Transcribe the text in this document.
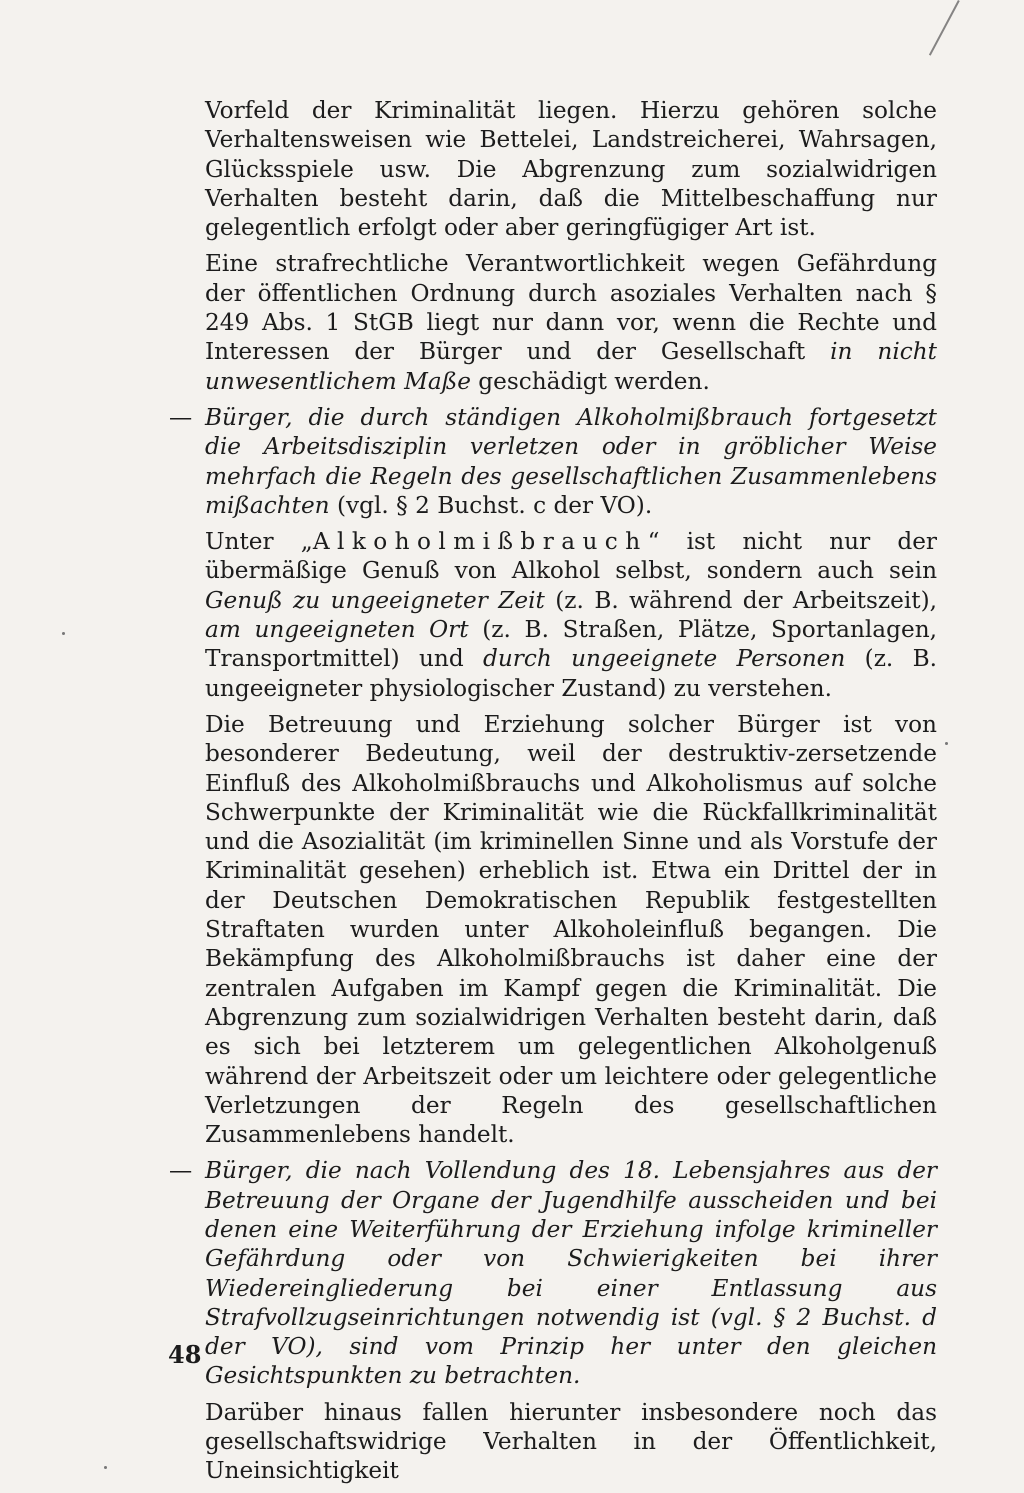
Vorfeld der Kriminalität liegen. Hierzu gehören solche Verhaltensweisen wie Bettelei, Landstreicherei, Wahrsagen, Glücksspiele usw. Die Abgrenzung zum sozialwidrigen Verhalten besteht darin, daß die Mittelbeschaffung nur gelegentlich erfolgt oder aber geringfügiger Art ist.
Eine strafrechtliche Verantwortlichkeit wegen Gefährdung der öffentlichen Ordnung durch asoziales Verhalten nach § 249 Abs. 1 StGB liegt nur dann vor, wenn die Rechte und Interessen der Bürger und der Gesellschaft in nicht unwesentlichem Maße geschädigt werden.
— Bürger, die durch ständigen Alkoholmißbrauch fortgesetzt die Arbeitsdisziplin verletzen oder in gröblicher Weise mehrfach die Regeln des gesellschaftlichen Zusammenlebens mißachten (vgl. § 2 Buchst. c der VO).
Unter „Alkoholmißbrauch“ ist nicht nur der übermäßige Genuß von Alkohol selbst, sondern auch sein Genuß zu ungeeigneter Zeit (z. B. während der Arbeitszeit), am ungeeigneten Ort (z. B. Straßen, Plätze, Sportanlagen, Transportmittel) und durch ungeeignete Personen (z. B. ungeeigneter physiologischer Zustand) zu verstehen.
Die Betreuung und Erziehung solcher Bürger ist von besonderer Bedeutung, weil der destruktiv-zersetzende Einfluß des Alkoholmißbrauchs und Alkoholismus auf solche Schwerpunkte der Kriminalität wie die Rückfallkriminalität und die Asozialität (im kriminellen Sinne und als Vorstufe der Kriminalität gesehen) erheblich ist. Etwa ein Drittel der in der Deutschen Demokratischen Republik festgestellten Straftaten wurden unter Alkoholeinfluß begangen. Die Bekämpfung des Alkoholmißbrauchs ist daher eine der zentralen Aufgaben im Kampf gegen die Kriminalität. Die Abgrenzung zum sozialwidrigen Verhalten besteht darin, daß es sich bei letzterem um gelegentlichen Alkoholgenuß während der Arbeitszeit oder um leichtere oder gelegentliche Verletzungen der Regeln des gesellschaftlichen Zusammenlebens handelt.
— Bürger, die nach Vollendung des 18. Lebensjahres aus der Betreuung der Organe der Jugendhilfe ausscheiden und bei denen eine Weiterführung der Erziehung infolge krimineller Gefährdung oder von Schwierigkeiten bei ihrer Wiedereingliederung bei einer Entlassung aus Strafvollzugseinrichtungen notwendig ist (vgl. § 2 Buchst. d der VO), sind vom Prinzip her unter den gleichen Gesichtspunkten zu betrachten.
Darüber hinaus fallen hierunter insbesondere noch das gesellschaftswidrige Verhalten in der Öffentlichkeit, Uneinsichtigkeit
48
